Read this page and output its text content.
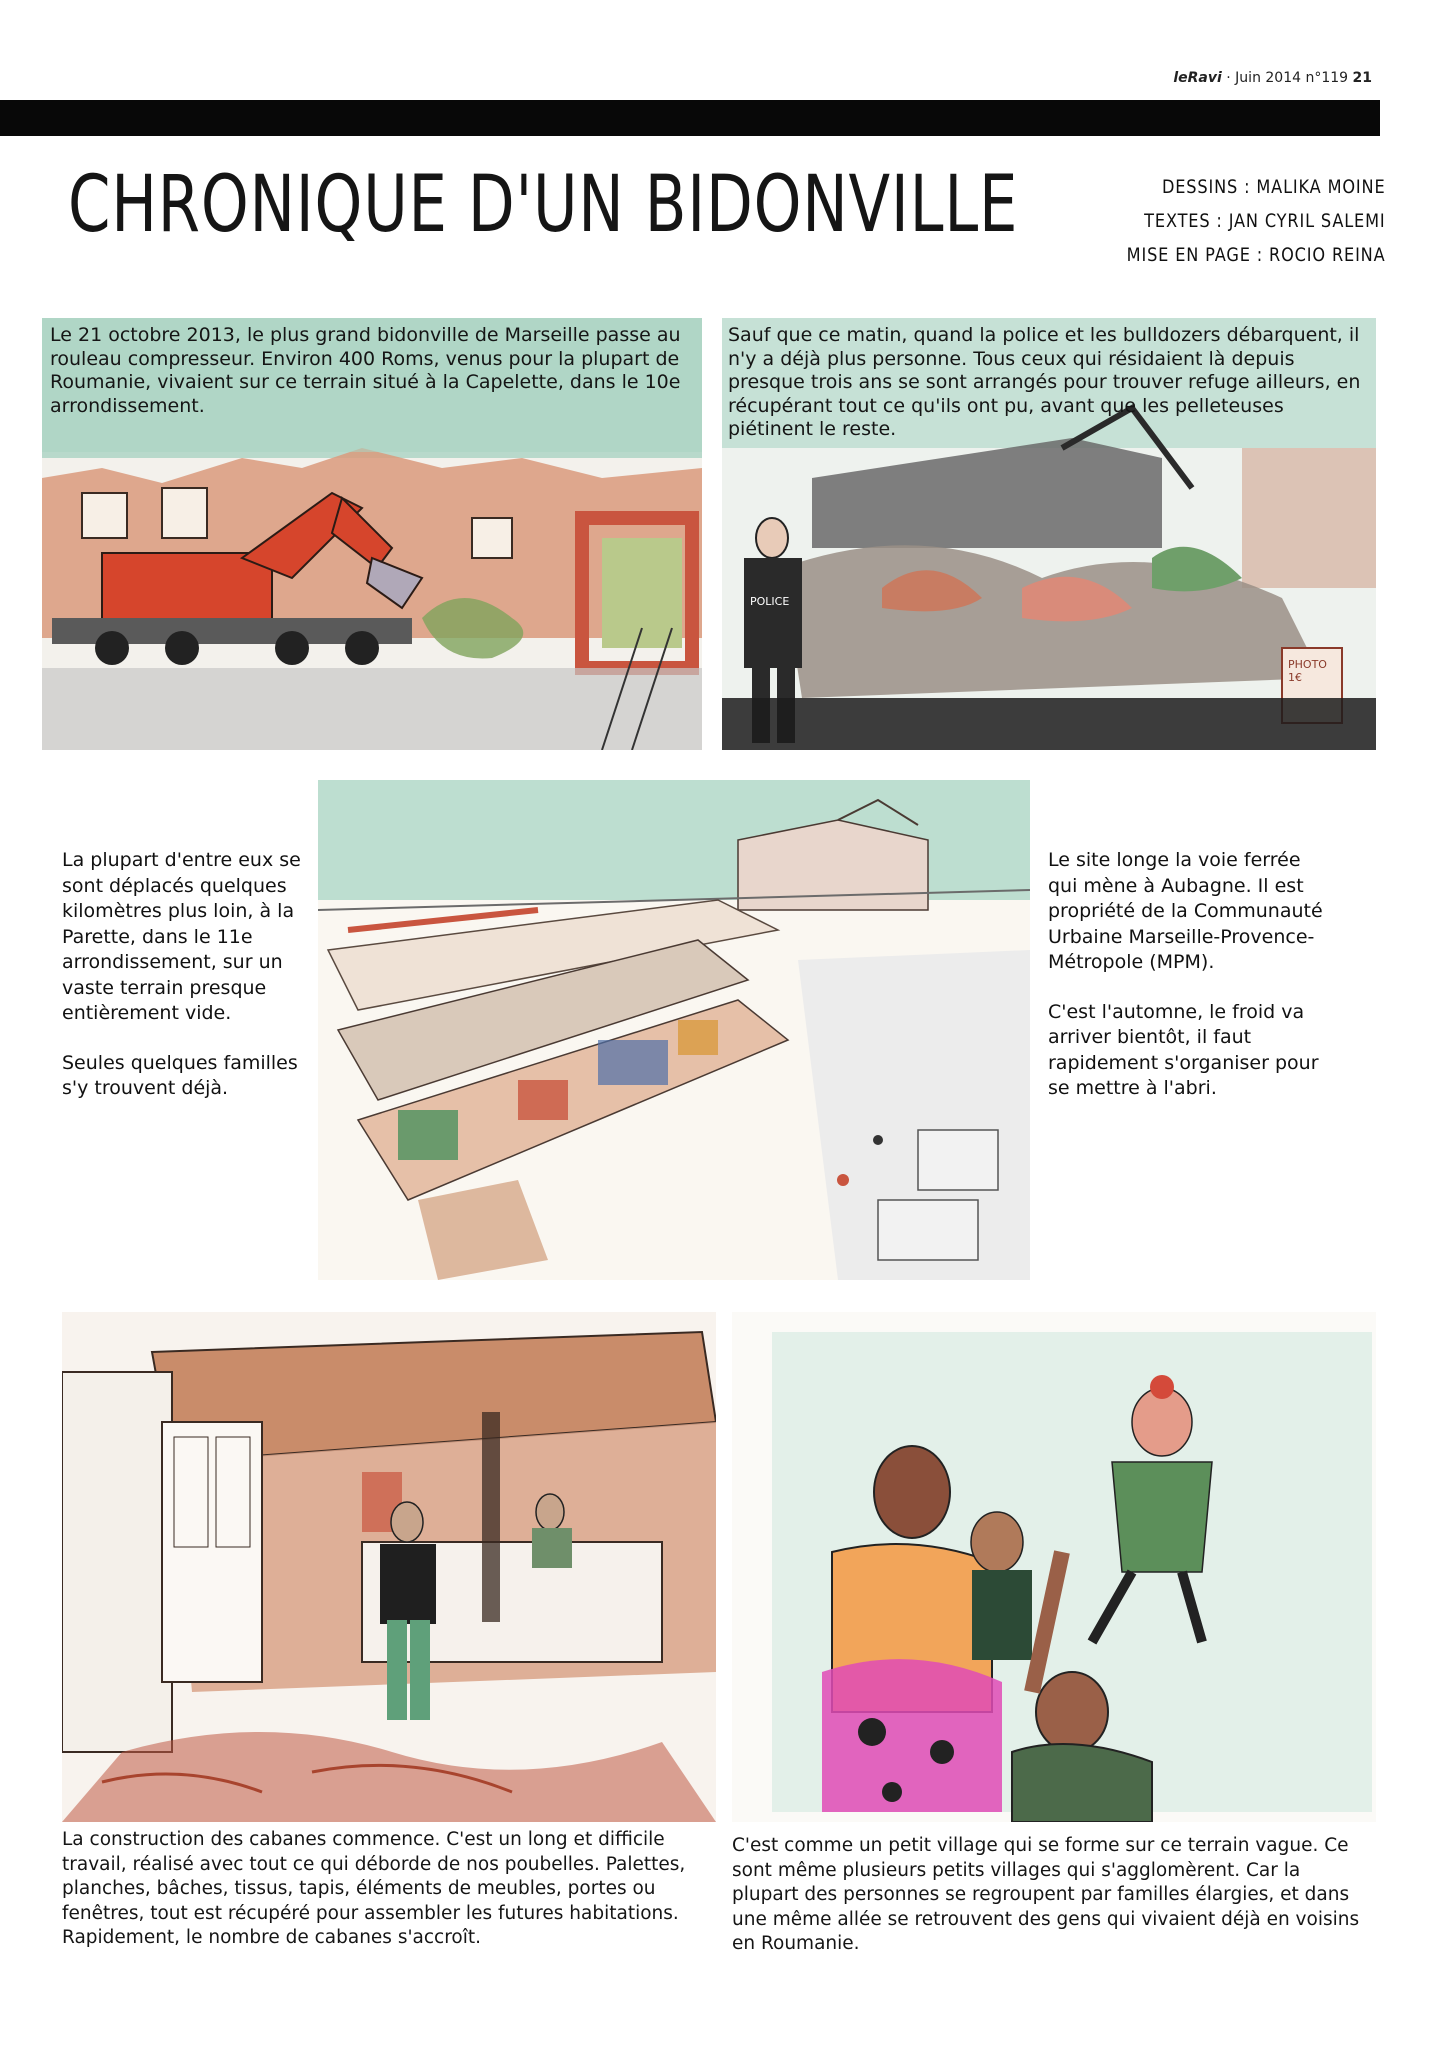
leRavi · Juin 2014 n°119 21
CHRONIQUE D'UN BIDONVILLE	DESSINS : MALIKA MOINE
TEXTES : JAN CYRIL SALEMI
MISE EN PAGE : ROCIO REINA
Le 21 octobre 2013, le plus grand bidonville de Marseille passe au rouleau compresseur. Environ 400 Roms, venus pour la plupart de Roumanie, vivaient sur ce terrain situé à la Capelette, dans le 10e arrondissement.
POLICE
PHOTO 1€
Sauf que ce matin, quand la police et les bulldozers débarquent, il n'y a déjà plus personne. Tous ceux qui résidaient là depuis presque trois ans se sont arrangés pour trouver refuge ailleurs, en récupérant tout ce qu'ils ont pu, avant que les pelleteuses piétinent le reste.

La plupart d'entre eux se sont déplacés quelques kilomètres plus loin, à la Parette, dans le 11e arrondissement, sur un vaste terrain presque entièrement vide.

Seules quelques familles s'y trouvent déjà.

Le site longe la voie ferrée qui mène à Aubagne. Il est propriété de la Communauté Urbaine Marseille-Provence-Métropole (MPM).

C'est l'automne, le froid va arriver bientôt, il faut rapidement s'organiser pour se mettre à l'abri.

La construction des cabanes commence. C'est un long et difficile travail, réalisé avec tout ce qui déborde de nos poubelles. Palettes, planches, bâches, tissus, tapis, éléments de meubles, portes ou fenêtres, tout est récupéré pour assembler les futures habitations. Rapidement, le nombre de cabanes s'accroît.
C'est comme un petit village qui se forme sur ce terrain vague. Ce sont même plusieurs petits villages qui s'agglomèrent. Car la plupart des personnes se regroupent par familles élargies, et dans une même allée se retrouvent des gens qui vivaient déjà en voisins en Roumanie.
